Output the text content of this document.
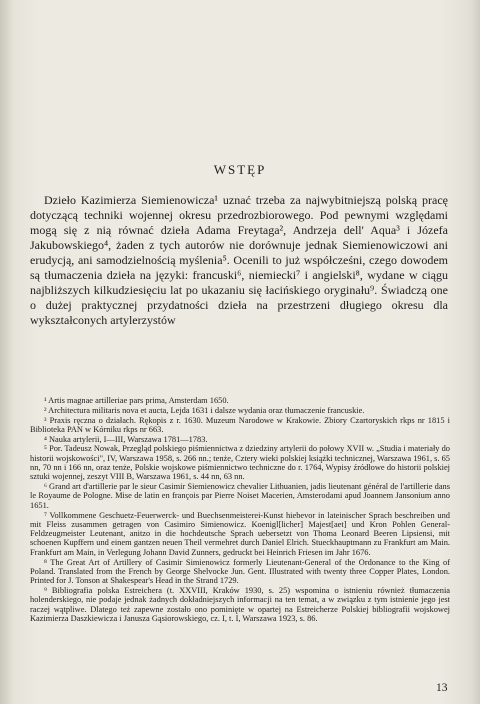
WSTĘP

Dzieło Kazimierza Siemienowicza¹ uznać trzeba za najwybitniejszą polską pracę dotyczącą techniki wojennej okresu przedrozbiorowego. Pod pewnymi względami mogą się z nią równać dzieła Adama Freytaga², Andrzeja dell' Aqua³ i Józefa Jakubowskiego⁴, żaden z tych autorów nie dorównuje jednak Siemienowiczowi ani erudycją, ani samodzielnością myślenia⁵. Ocenili to już współcześni, czego dowodem są tłumaczenia dzieła na języki: francuski⁶, niemiecki⁷ i angielski⁸, wydane w ciągu najbliższych kilkudziesięciu lat po ukazaniu się łacińskiego oryginału⁹. Świadczą one o dużej praktycznej przydatności dzieła na przestrzeni długiego okresu dla wykształconych artylerzystów

¹ Artis magnae artilleriae pars prima, Amsterdam 1650.

² Architectura militaris nova et aucta, Lejda 1631 i dalsze wydania oraz tłumaczenie francuskie.

³ Praxis ręczna o działach. Rękopis z r. 1630. Muzeum Narodowe w Krakowie. Zbiory Czartoryskich rkps nr 1815 i Biblioteka PAN w Kórniku rkps nr 663.

⁴ Nauka artylerii, I—III, Warszawa 1781—1783.

⁵ Por. Tadeusz Nowak, Przegląd polskiego piśmiennictwa z dziedziny artylerii do połowy XVII w. „Studia i materiały do historii wojskowości", IV, Warszawa 1958, s. 266 nn.; tenże, Cztery wieki polskiej książki technicznej, Warszawa 1961, s. 65 nn, 70 nn i 166 nn, oraz tenże, Polskie wojskowe piśmiennictwo techniczne do r. 1764, Wypisy źródłowe do historii polskiej sztuki wojennej, zeszyt VIII B, Warszawa 1961, s. 44 nn, 63 nn.

⁶ Grand art d'artillerie par le sieur Casimir Siemienowicz chevalier Lithuanien, jadis lieutenant général de l'artillerie dans le Royaume de Pologne. Mise de latin en françois par Pierre Noiset Macerien, Amsterodami apud Joannem Jansonium anno 1651.

⁷ Vollkommene Geschuetz-Feuerwerck- und Buechsenmeisterei-Kunst hiebevor in lateinischer Sprach beschreiben und mit Fleiss zusammen getragen von Casimiro Simienowicz. Koenigl[licher] Majest[aet] und Kron Pohlen General-Feldzeugmeister Leutenant, anitzo in die hochdeutsche Sprach uebersetzt von Thoma Leonard Beeren Lipsiensi, mit schoenen Kupffern und einem gantzen neuen Theil vermehret durch Daniel Elrich. Stueckhauptmann zu Frankfurt am Main. Frankfurt am Main, in Verlegung Johann David Zunners, gedruckt bei Heinrich Friesen im Jahr 1676.

⁸ The Great Art of Artillery of Casimir Simienowicz formerly Lieutenant-General of the Ordonance to the King of Poland. Translated from the French by George Shelvocke Jun. Gent. Illustrated with twenty three Copper Plates, London. Printed for J. Tonson at Shakespear's Head in the Strand 1729.

⁹ Bibliografia polska Estreichera (t. XXVIII, Kraków 1930, s. 25) wspomina o istnieniu również tłumaczenia holenderskiego, nie podaje jednak żadnych dokładniejszych informacji na ten temat, a w związku z tym istnienie jego jest raczej wątpliwe. Dlatego też zapewne zostało ono pominięte w opartej na Estreicherze Polskiej bibliografii wojskowej Kazimierza Daszkiewicza i Janusza Gąsiorowskiego, cz. I, t. I, Warszawa 1923, s. 86.

13
